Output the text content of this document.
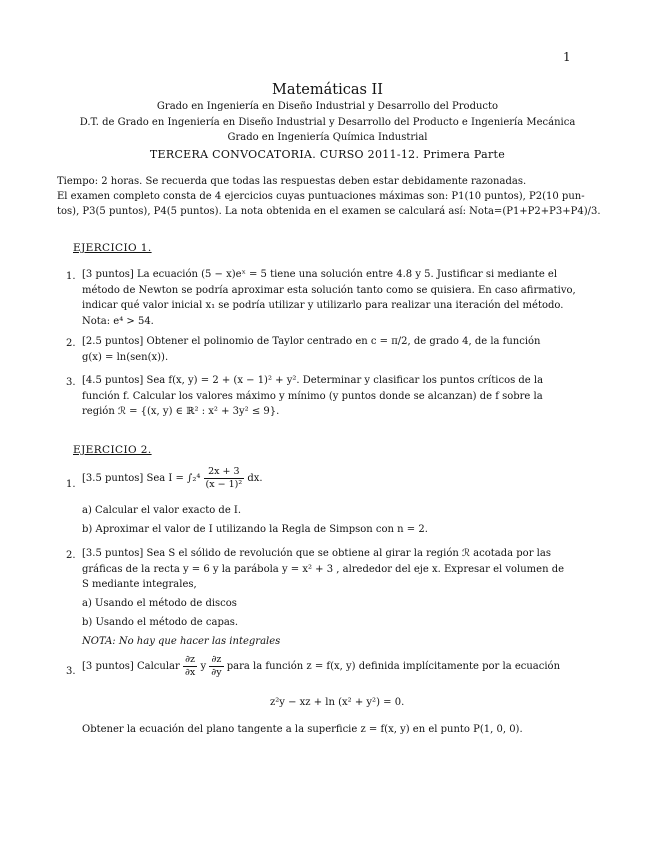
1
Matemáticas II
Grado en Ingeniería en Diseño Industrial y Desarrollo del Producto
D.T. de Grado en Ingeniería en Diseño Industrial y Desarrollo del Producto e Ingeniería Mecánica
Grado en Ingeniería Química Industrial
TERCERA CONVOCATORIA. CURSO 2011-12. Primera Parte
Tiempo: 2 horas. Se recuerda que todas las respuestas deben estar debidamente razonadas.
El examen completo consta de 4 ejercicios cuyas puntuaciones máximas son: P1(10 puntos), P2(10 pun-
tos), P3(5 puntos), P4(5 puntos). La nota obtenida en el examen se calculará así: Nota=(P1+P2+P3+P4)/3.
EJERCICIO 1.
1. [3 puntos] La ecuación (5 − x)eˣ = 5 tiene una solución entre 4.8 y 5. Justificar si mediante el
método de Newton se podría aproximar esta solución tanto como se quisiera. En caso afirmativo,
indicar qué valor inicial x₁ se podría utilizar y utilizarlo para realizar una iteración del método.
Nota: e⁴ > 54.
2. [2.5 puntos] Obtener el polinomio de Taylor centrado en c = π/2, de grado 4, de la función
g(x) = ln(sen(x)).
3. [4.5 puntos] Sea f(x, y) = 2 + (x − 1)² + y². Determinar y clasificar los puntos críticos de la
función f. Calcular los valores máximo y mínimo (y puntos donde se alcanzan) de f sobre la
región ℛ = {(x, y) ∈ ℝ² : x² + 3y² ≤ 9}.
EJERCICIO 2.
1.
[3.5 puntos] Sea $I = \int_2^4 \frac{2x + 3}{\text{(x − 1)²}}$ dx.
a) Calcular el valor exacto de I.
b) Aproximar el valor de I utilizando la Regla de Simpson con n = 2.
2. [3.5 puntos] Sea S el sólido de revolución que se obtiene al girar la región ℛ acotada por las
gráficas de la recta y = 6 y la parábola y = x² + 3 , alrededor del eje x. Expresar el volumen de
S mediante integrales,
a) Usando el método de discos
b) Usando el método de capas.
NOTA: No hay que hacer las integrales
3. [3 puntos] Calcular $\frac{\partial z}{\partial x}$ y $\frac{\partial z}{\partial y}$ para la función z = f(x, y) definida implícitamente por la ecuación
z²y − xz + ln (x² + y²) = 0.
Obtener la ecuación del plano tangente a la superficie z = f(x, y) en el punto P(1, 0, 0).
